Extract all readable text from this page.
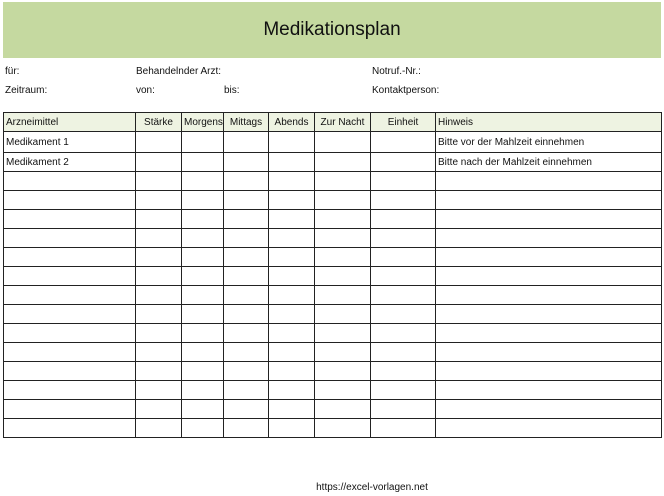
Medikationsplan
für:	Behandelnder Arzt:	Notruf.-Nr.:
Zeitraum:	von:	bis:	Kontaktperson:
Arzneimittel	Stärke	Morgens	Mittags	Abends	Zur Nacht	Einheit	Hinweis
Medikament 1							Bitte vor der Mahlzeit einnehmen
Medikament 2							Bitte nach der Mahlzeit einnehmen

https://excel-vorlagen.net
